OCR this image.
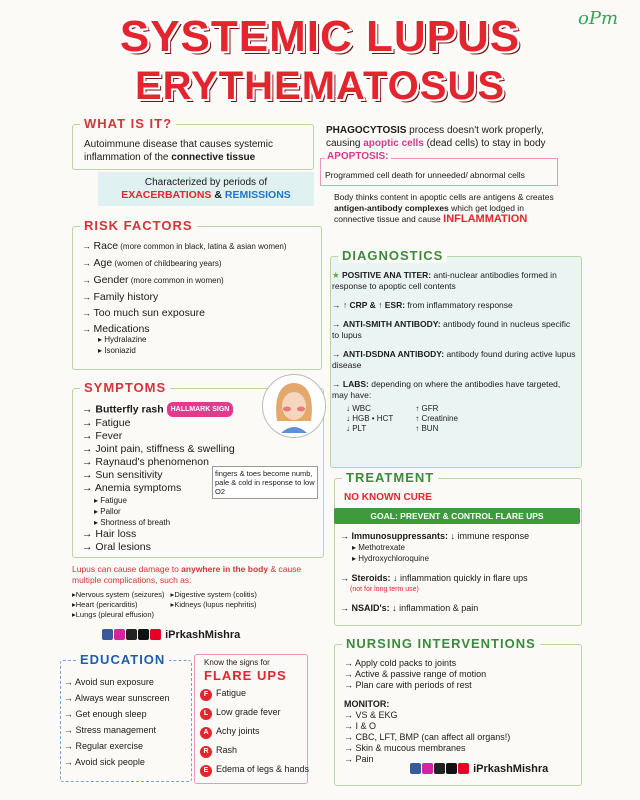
SYSTEMIC LUPUS
ERYTHEMATOSUS
oPm
WHAT IS IT?
Autoimmune disease that causes systemic inflammation of the connective tissue
Characterized by periods of
EXACERBATIONS & REMISSIONS
PHAGOCYTOSIS process doesn't work properly, causing apoptic cells (dead cells) to stay in body
APOPTOSIS:
Programmed cell death for unneeded/ abnormal cells
Body thinks content in apoptic cells are antigens & creates antigen-antibody complexes which get lodged in connective tissue and cause INFLAMMATION
RISK FACTORS
→ Race (more common in black, latina & asian women)
→ Age (women of childbearing years)
→ Gender (more common in women)
→ Family history
→ Too much sun exposure
→ Medications
▸ Hydralazine
▸ Isoniazid
DIAGNOSTICS
★ POSITIVE ANA TITER: anti-nuclear antibodies formed in response to apoptic cell contents
→ ↑ CRP & ↑ ESR: from inflammatory response
→ ANTI-SMITH ANTIBODY: antibody found in nucleus specific to lupus
→ ANTI-DSDNA ANTIBODY: antibody found during active lupus disease
→ LABS: depending on where the antibodies have targeted, may have:
↓ WBC
↓ HGB • HCT
↓ PLT
↑ GFR
↑ Creatinine
↑ BUN
SYMPTOMS
→ Butterfly rash HALLMARK SIGN
→ Fatigue
→ Fever
→ Joint pain, stiffness & swelling
→ Raynaud's phenomenon
→ Sun sensitivity
→ Anemia symptoms
▸ Fatigue
▸ Pallor
▸ Shortness of breath
→ Hair loss
→ Oral lesions
fingers & toes become numb, pale & cold in response to low O2
Lupus can cause damage to anywhere in the body & cause multiple complications, such as:
▸Nervous system (seizures)
▸Heart (pericarditis)
▸Lungs (pleural effusion)
▸Digestive system (colitis)
▸Kidneys (lupus nephritis)
iPrkashMishra
TREATMENT
NO KNOWN CURE
GOAL: PREVENT & CONTROL FLARE UPS
→ Immunosuppressants: ↓ immune response
▸ Methotrexate
▸ Hydroxychloroquine
→ Steroids: ↓ inflammation quickly in flare ups
(not for long term use)
→ NSAID's: ↓ inflammation & pain
EDUCATION
→ Avoid sun exposure
→ Always wear sunscreen
→ Get enough sleep
→ Stress management
→ Regular exercise
→ Avoid sick people
Know the signs for
FLARE UPS
F Fatigue
L Low grade fever
A Achy joints
R Rash
E Edema of legs & hands
NURSING INTERVENTIONS
→ Apply cold packs to joints
→ Active & passive range of motion
→ Plan care with periods of rest
MONITOR:
→ VS & EKG
→ I & O
→ CBC, LFT, BMP (can affect all organs!)
→ Skin & mucous membranes
→ Pain
iPrkashMishra
